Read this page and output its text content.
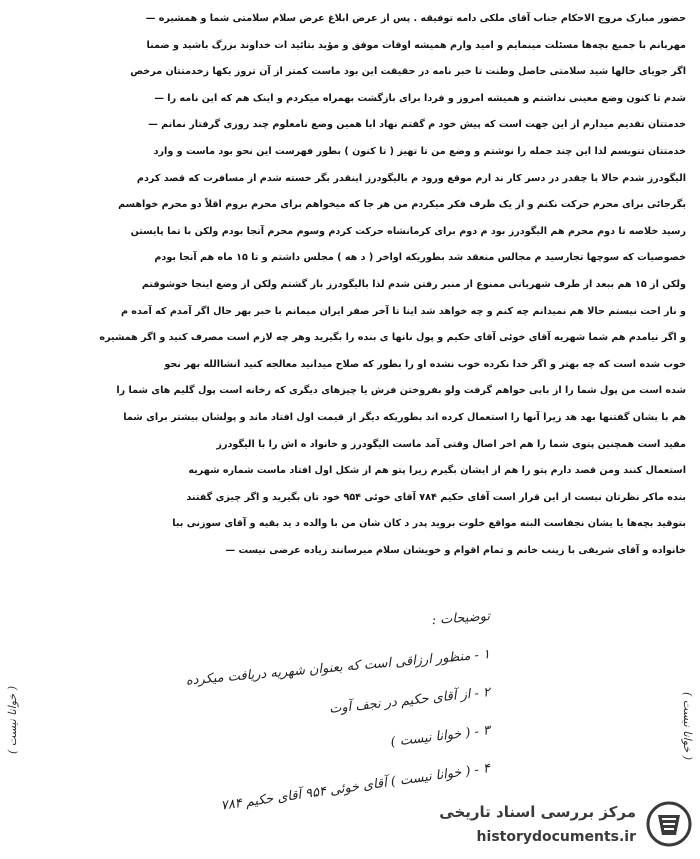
حضور مبارک مروج الاحکام جناب آقای ملکی دامه توفیقه . پس از عرض ابلاغ عرض سلام سلامتی شما و همشیره —
مهربانم با جمیع بچه‌ها مسئلت مینمایم و امید وارم همیشه اوقات موفق و مؤید بتائید ات خداوند بزرگ باشید و ضمنا
اگر جویای حالها شید سلامتی حاصل وطنت تا خبر نامه در حقیقت این بود ماست کمتر از آن تروز یکها زخدمتتان مرخص
شدم تا کنون وضع معینی نداشتم و همیشه امروز و فردا برای بازگشت بهمراه میکردم و اینک هم که این نامه را —
خدمتتان تقدیم میدارم از این جهت است که پیش خود م گفتم نهاد ابا همین وضع نامعلوم چند روزی گرفتار نمانم —
خدمتتان تنویسم لذا این چند جمله را نوشتم و وضع من تا تهیز ( تا کنون ) بطور فهرست این نحو بود ماست و وارد
الیگودرز شدم حالا با چقدر در دسر کار ند ارم موقع ورود م بالیگودرز اینقدر بگر خسته شدم از مسافرت که قصد کردم
بگرجائی برای محرم حرکت نکنم و از یک طرف فکر میکردم من هر جا که میخواهم برای محرم بروم اقلاً دو محرم خواهسم
رسید خلاصه تا دوم محرم هم الیگودرز بود م دوم برای کرمانشاه حرکت کردم وسوم محرم آنجا بودم ولکن با تما پایستن
خصوصیات که سوچها تجارسید م مجالس منعقد شد بطوریکه اواخر ( د هه ) مجلس داشتم و تا ۱۵ ماه هم آنجا بودم
ولکن از ۱۵ هم ببعد از طرف شهربانی ممنوع از منبر رفتن شدم لذا بالیگودرز باز گشتم ولکن از وضع اینجا خوشوقتم
و نار احت نیستم حالا هم نمیدانم چه کنم و چه خواهد شد اینا تا آخر صفر ایران میمانم با خبر بهر حال اگر آمدم که آمده م
و اگر نیامدم هم شما شهریه آقای خوئی آقای حکیم و پول نانها ی بنده را بگیرید وهر چه لازم است مصرف کنید و اگر همشیره
خوب شده است که چه بهتر و اگر خدا نکرده خوب نشده او را بطور که صلاح میدانید معالجه کنید انشاالله بهر نحو
شده است من پول شما را از بابی خواهم گرفت ولو بفروختن فرش یا چیزهای دیگری که رخانه است پول گلیم های شما را
هم با یشان گفتنها بهد هد زیرا آنها را استعمال کرده اند بطوریکه دیگر از قیمت اول افتاد ماند و پولشان بیشتر برای شما
مفید است همچنین پتوی شما را هم اخر اصال وقتی آمد ماست الیگودرز و خانواد ه اش را با الیگودرز
استعمال کنند ومن قصد دارم پتو را هم از ایشان بگیرم زیرا پتو هم از شکل اول افتاد ماست شماره شهریه
بنده ماکر نظرتان نیست از این قرار است آقای حکیم ۷۸۴ آقای خوئی ۹۵۴ خود تان بگیرید و اگر چیزی گفتند
بتوقید بچه‌ها یا یشان نجفاست البته مواقع خلوت بروید پدر د کان شان من با والده د ید بقیه و آقای سوزنی ببا
خانواده و آقای شریفی با زینب خانم و تمام اقوام و خویشان سلام میرسانند زیاده عرضی نیست —
توضیحات :
۱ - منظور ارزاقی است که بعنوان شهریه دریافت میکرده
۲ - از آقای حکیم در نجف آوت
۳ - ( خوانا نیست )
۴ - ( خوانا نیست ) آقای خوئی ۹۵۴ آقای حکیم ۷۸۴
( خوانا نیست )	( خوانا نیست )
مرکز بررسی اسناد تاریخی
historydocuments.ir
